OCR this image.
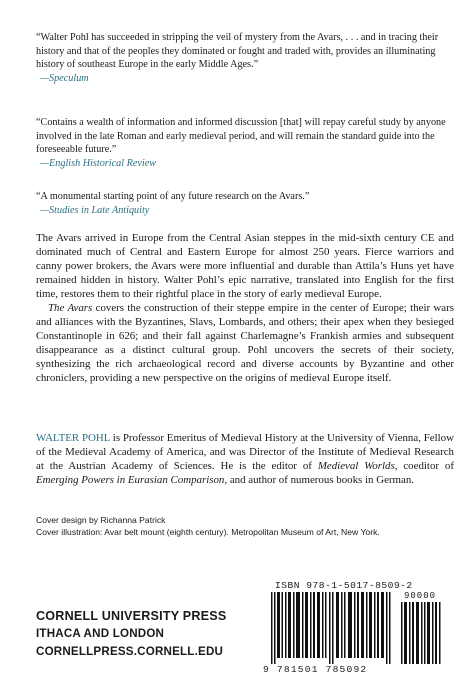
“Walter Pohl has succeeded in stripping the veil of mystery from the Avars, . . . and in tracing their history and that of the peoples they dominated or fought and traded with, provides an illuminating history of southeast Europe in the early Middle Ages.”
—Speculum

“Contains a wealth of information and informed discussion [that] will repay careful study by anyone involved in the late Roman and early medieval period, and will remain the standard guide into the foreseeable future.”
—English Historical Review

“A monumental starting point of any future research on the Avars.”
—Studies in Late Antiquity

The Avars arrived in Europe from the Central Asian steppes in the mid-sixth century CE and dominated much of Central and Eastern Europe for almost 250 years. Fierce warriors and canny power brokers, the Avars were more influential and durable than Attila’s Huns yet have remained hidden in history. Walter Pohl’s epic narrative, translated into English for the first time, restores them to their rightful place in the story of early medieval Europe.

The Avars covers the construction of their steppe empire in the center of Europe; their wars and alliances with the Byzantines, Slavs, Lombards, and others; their apex when they besieged Constantinople in 626; and their fall against Charlemagne’s Frankish armies and subsequent disappearance as a distinct cultural group. Pohl uncovers the secrets of their society, synthesizing the rich archaeological record and diverse accounts by Byzantine and other chroniclers, providing a new perspective on the origins of medieval Europe itself.

WALTER POHL is Professor Emeritus of Medieval History at the University of Vienna, Fellow of the Medieval Academy of America, and was Director of the Institute of Medieval Research at the Austrian Academy of Sciences. He is the editor of Medieval Worlds, coeditor of Emerging Powers in Eurasian Comparison, and author of numerous books in German.

Cover design by Richanna Patrick
Cover illustration: Avar belt mount (eighth century). Metropolitan Museum of Art, New York.
CORNELL UNIVERSITY PRESS
ITHACA AND LONDON
CORNELLPRESS.CORNELL.EDU
ISBN 978-1-5017-8509-2
90000
9 781501 785092
